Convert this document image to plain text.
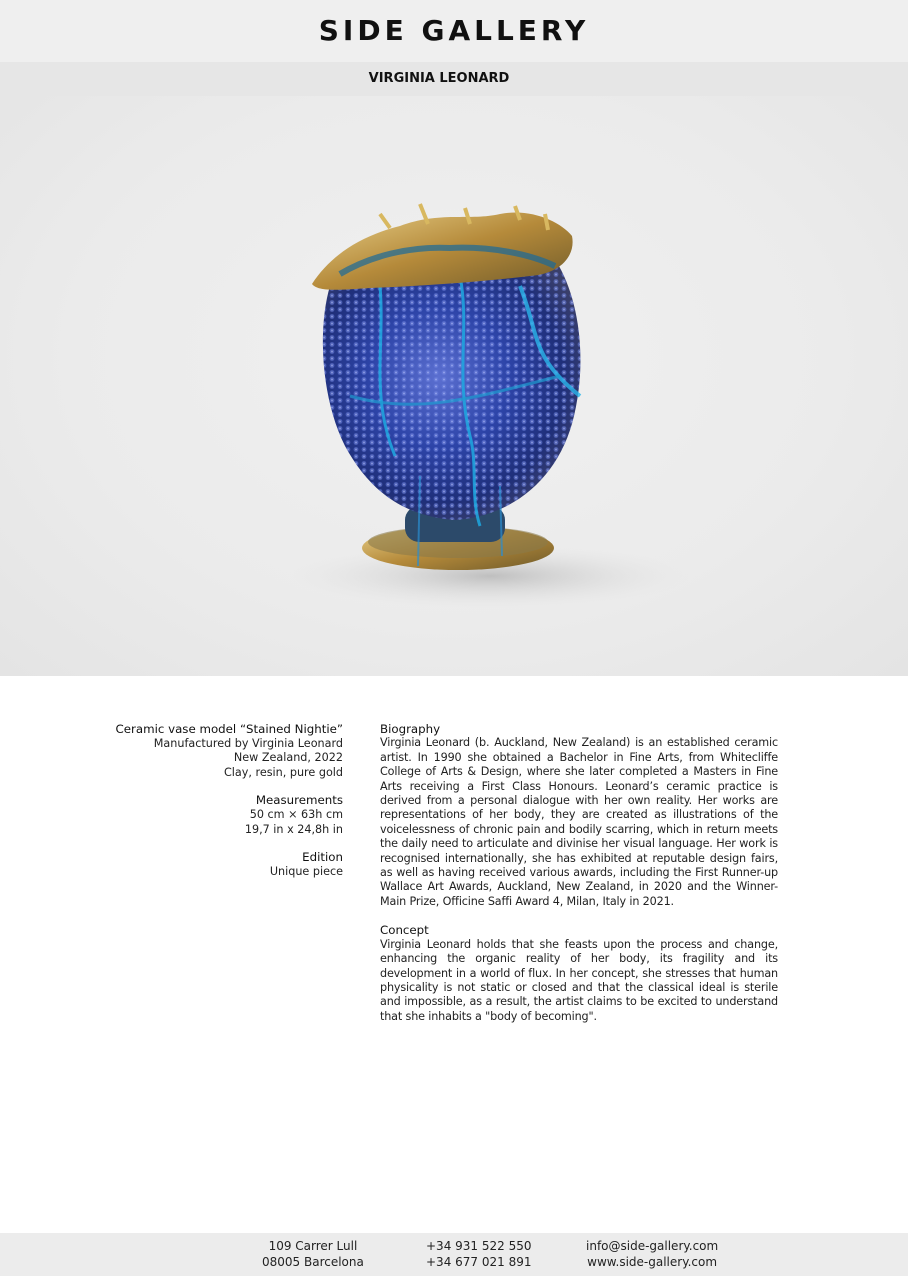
SIDE GALLERY
VIRGINIA LEONARD
Ceramic vase model “Stained Nightie”
Manufactured by Virginia Leonard
New Zealand, 2022
Clay, resin, pure gold
Measurements
50 cm × 63h cm
19,7 in x 24,8h in
Edition
Unique piece
Biography

Virginia Leonard (b. Auckland, New Zealand) is an established ceramic artist. In 1990 she obtained a Bachelor in Fine Arts, from Whitecliffe College of Arts & Design, where she later completed a Masters in Fine Arts receiving a First Class Honours. Leonard’s ceramic practice is derived from a personal dialogue with her own reality. Her works are representations of her body, they are created as illustrations of the voicelessness of chronic pain and bodily scarring, which in return meets the daily need to articulate and divinise her visual language. Her work is recognised internationally, she has exhibited at reputable design fairs, as well as having received various awards, including the First Runner-up Wallace Art Awards, Auckland, New Zealand, in 2020 and the Winner- Main Prize, Officine Saffi Award 4, Milan, Italy in 2021.

Concept

Virginia Leonard holds that she feasts upon the process and change, enhancing the organic reality of her body, its fragility and its development in a world of flux. In her concept, she stresses that human physicality is not static or closed and that the classical ideal is sterile and impossible, as a result, the artist claims to be excited to understand that she inhabits a "body of becoming".

109 Carrer Lull
08005 Barcelona
+34 931 522 550
+34 677 021 891
info@side-gallery.com
www.side-gallery.com
